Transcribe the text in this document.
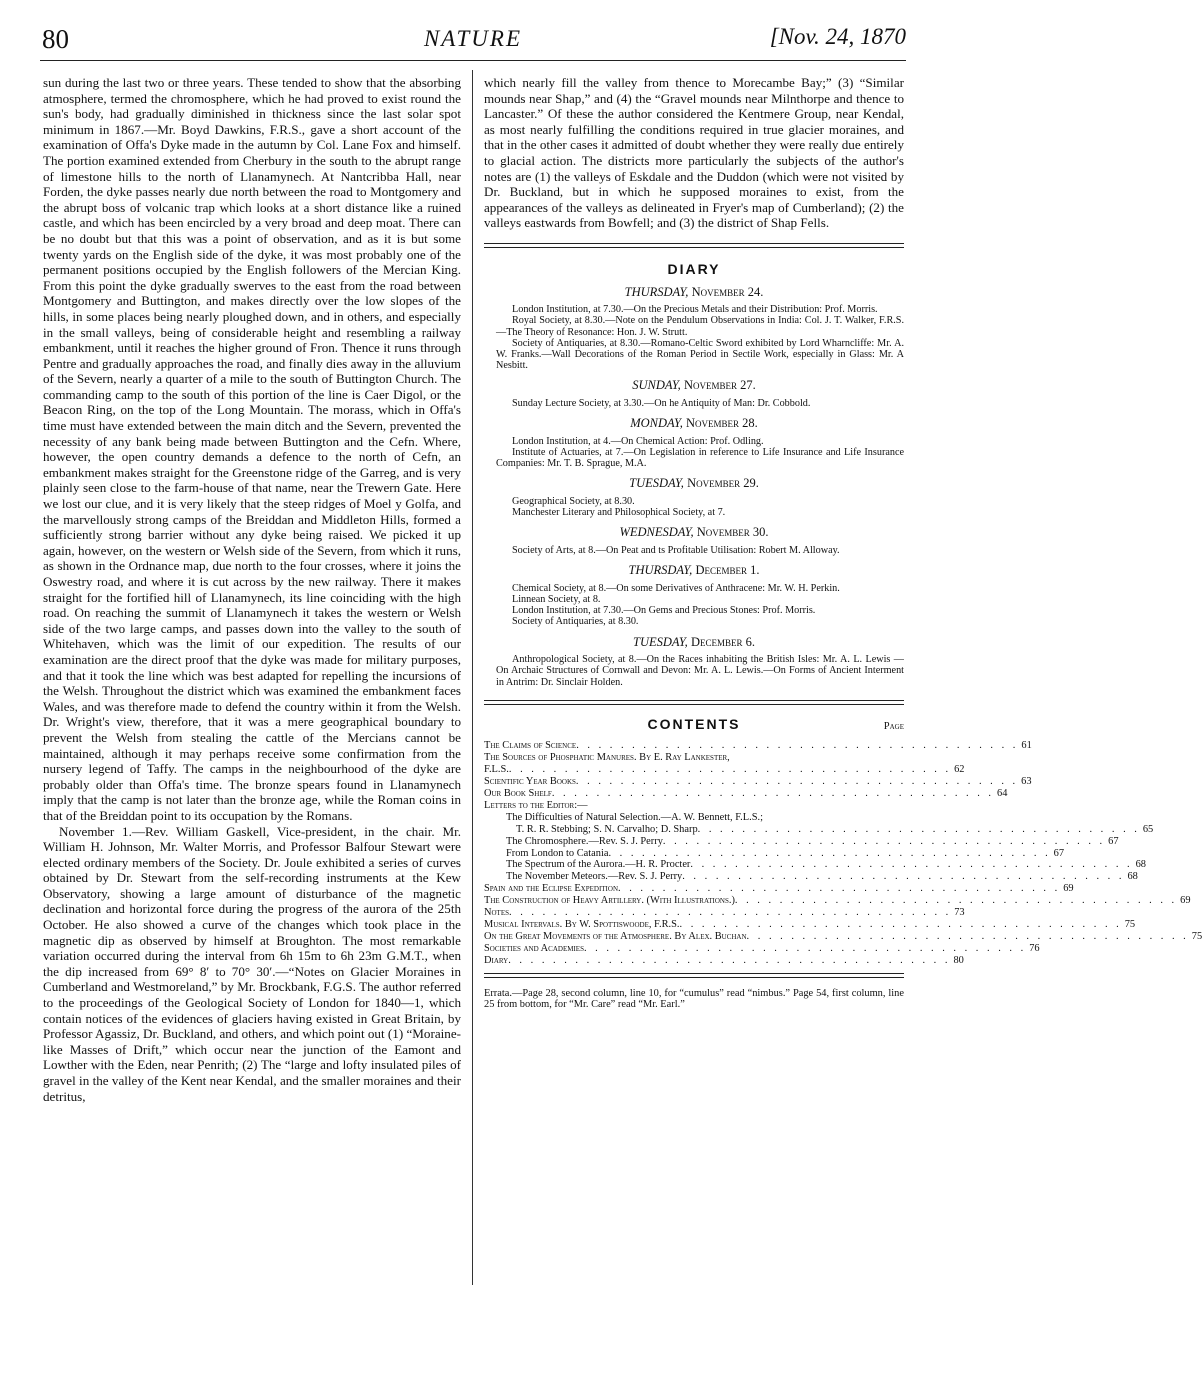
80	NATURE	[Nov. 24, 1870

sun during the last two or three years. These tended to show that the absorbing atmosphere, termed the chromosphere, which he had proved to exist round the sun's body, had gradually diminished in thickness since the last solar spot minimum in 1867.—Mr. Boyd Dawkins, F.R.S., gave a short account of the examination of Offa's Dyke made in the autumn by Col. Lane Fox and himself. The portion examined extended from Cherbury in the south to the abrupt range of limestone hills to the north of Llanamynech. At Nantcribba Hall, near Forden, the dyke passes nearly due north between the road to Montgomery and the abrupt boss of volcanic trap which looks at a short distance like a ruined castle, and which has been encircled by a very broad and deep moat. There can be no doubt but that this was a point of observation, and as it is but some twenty yards on the English side of the dyke, it was most probably one of the permanent positions occupied by the English followers of the Mercian King. From this point the dyke gradually swerves to the east from the road between Montgomery and Buttington, and makes directly over the low slopes of the hills, in some places being nearly ploughed down, and in others, and especially in the small valleys, being of considerable height and resembling a railway embankment, until it reaches the higher ground of Fron. Thence it runs through Pentre and gradually approaches the road, and finally dies away in the alluvium of the Severn, nearly a quarter of a mile to the south of Buttington Church. The commanding camp to the south of this portion of the line is Caer Digol, or the Beacon Ring, on the top of the Long Mountain. The morass, which in Offa's time must have extended between the main ditch and the Severn, prevented the necessity of any bank being made between Buttington and the Cefn. Where, however, the open country demands a defence to the north of Cefn, an embankment makes straight for the Greenstone ridge of the Garreg, and is very plainly seen close to the farm-house of that name, near the Trewern Gate. Here we lost our clue, and it is very likely that the steep ridges of Moel y Golfa, and the marvellously strong camps of the Breiddan and Middleton Hills, formed a sufficiently strong barrier without any dyke being raised. We picked it up again, however, on the western or Welsh side of the Severn, from which it runs, as shown in the Ordnance map, due north to the four crosses, where it joins the Oswestry road, and where it is cut across by the new railway. There it makes straight for the fortified hill of Llanamynech, its line coinciding with the high road. On reaching the summit of Llanamynech it takes the western or Welsh side of the two large camps, and passes down into the valley to the south of Whitehaven, which was the limit of our expedition. The results of our examination are the direct proof that the dyke was made for military purposes, and that it took the line which was best adapted for repelling the incursions of the Welsh. Throughout the district which was examined the embankment faces Wales, and was therefore made to defend the country within it from the Welsh. Dr. Wright's view, therefore, that it was a mere geographical boundary to prevent the Welsh from stealing the cattle of the Mercians cannot be maintained, although it may perhaps receive some confirmation from the nursery legend of Taffy. The camps in the neighbourhood of the dyke are probably older than Offa's time. The bronze spears found in Llanamynech imply that the camp is not later than the bronze age, while the Roman coins in that of the Breiddan point to its occupation by the Romans.

November 1.—Rev. William Gaskell, Vice-president, in the chair. Mr. William H. Johnson, Mr. Walter Morris, and Professor Balfour Stewart were elected ordinary members of the Society. Dr. Joule exhibited a series of curves obtained by Dr. Stewart from the self-recording instruments at the Kew Observatory, showing a large amount of disturbance of the magnetic declination and horizontal force during the progress of the aurora of the 25th October. He also showed a curve of the changes which took place in the magnetic dip as observed by himself at Broughton. The most remarkable variation occurred during the interval from 6h 15m to 6h 23m G.M.T., when the dip increased from 69° 8′ to 70° 30′.—“Notes on Glacier Moraines in Cumberland and Westmoreland,” by Mr. Brockbank, F.G.S. The author referred to the proceedings of the Geological Society of London for 1840—1, which contain notices of the evidences of glaciers having existed in Great Britain, by Professor Agassiz, Dr. Buckland, and others, and which point out (1) “Moraine-like Masses of Drift,” which occur near the junction of the Eamont and Lowther with the Eden, near Penrith; (2) The “large and lofty insulated piles of gravel in the valley of the Kent near Kendal, and the smaller moraines and their detritus,

which nearly fill the valley from thence to Morecambe Bay;” (3) “Similar mounds near Shap,” and (4) the “Gravel mounds near Milnthorpe and thence to Lancaster.” Of these the author considered the Kentmere Group, near Kendal, as most nearly fulfilling the conditions required in true glacier moraines, and that in the other cases it admitted of doubt whether they were really due entirely to glacial action. The districts more particularly the subjects of the author's notes are (1) the valleys of Eskdale and the Duddon (which were not visited by Dr. Buckland, but in which he supposed moraines to exist, from the appearances of the valleys as delineated in Fryer's map of Cumberland); (2) the valleys eastwards from Bowfell; and (3) the district of Shap Fells.

DIARY
THURSDAY, November 24.

London Institution, at 7.30.—On the Precious Metals and their Distribution: Prof. Morris.

Royal Society, at 8.30.—Note on the Pendulum Observations in India: Col. J. T. Walker, F.R.S.—The Theory of Resonance: Hon. J. W. Strutt.

Society of Antiquaries, at 8.30.—Romano-Celtic Sword exhibited by Lord Wharncliffe: Mr. A. W. Franks.—Wall Decorations of the Roman Period in Sectile Work, especially in Glass: Mr. A Nesbitt.

SUNDAY, November 27.

Sunday Lecture Society, at 3.30.—On he Antiquity of Man: Dr. Cobbold.

MONDAY, November 28.

London Institution, at 4.—On Chemical Action: Prof. Odling.

Institute of Actuaries, at 7.—On Legislation in reference to Life Insurance and Life Insurance Companies: Mr. T. B. Sprague, M.A.

TUESDAY, November 29.

Geographical Society, at 8.30.

Manchester Literary and Philosophical Society, at 7.

WEDNESDAY, November 30.

Society of Arts, at 8.—On Peat and ts Profitable Utilisation: Robert M. Alloway.

THURSDAY, December 1.

Chemical Society, at 8.—On some Derivatives of Anthracene: Mr. W. H. Perkin.

Linnean Society, at 8.

London Institution, at 7.30.—On Gems and Precious Stones: Prof. Morris.

Society of Antiquaries, at 8.30.

TUESDAY, December 6.

Anthropological Society, at 8.—On the Races inhabiting the British Isles: Mr. A. L. Lewis —On Archaic Structures of Cornwall and Devon: Mr. A. L. Lewis.—On Forms of Ancient Interment in Antrim: Dr. Sinclair Holden.

CONTENTS	Page
The Claims of Science . . . . . . . . . . . . . . . . . . . . . . . . . . . . . . . . . . . . . . . . 61
The Sources of Phosphatic Manures. By E. Ray Lankester,
F.L.S. . . . . . . . . . . . . . . . . . . . . . . . . . . . . . . . . . . . . . . . . 62
Scientific Year Books . . . . . . . . . . . . . . . . . . . . . . . . . . . . . . . . . . . . . . . . 63
Our Book Shelf . . . . . . . . . . . . . . . . . . . . . . . . . . . . . . . . . . . . . . . . 64
Letters to the Editor:—
The Difficulties of Natural Selection.—A. W. Bennett, F.L.S.;
T. R. R. Stebbing; S. N. Carvalho; D. Sharp . . . . . . . . . . . . . . . . . . . . . . . . . . . . . . . . . . . . . . . . 65
The Chromosphere.—Rev. S. J. Perry . . . . . . . . . . . . . . . . . . . . . . . . . . . . . . . . . . . . . . . . 67
From London to Catania . . . . . . . . . . . . . . . . . . . . . . . . . . . . . . . . . . . . . . . . 67
The Spectrum of the Aurora.—H. R. Procter . . . . . . . . . . . . . . . . . . . . . . . . . . . . . . . . . . . . . . . . 68
The November Meteors.—Rev. S. J. Perry . . . . . . . . . . . . . . . . . . . . . . . . . . . . . . . . . . . . . . . . 68
Spain and the Eclipse Expedition . . . . . . . . . . . . . . . . . . . . . . . . . . . . . . . . . . . . . . . . 69
The Construction of Heavy Artillery. (With Illustrations.) . . . . . . . . . . . . . . . . . . . . . . . . . . . . . . . . . . . . . . . . 69
Notes . . . . . . . . . . . . . . . . . . . . . . . . . . . . . . . . . . . . . . . . 73
Musical Intervals. By W. Spottiswoode, F.R.S. . . . . . . . . . . . . . . . . . . . . . . . . . . . . . . . . . . . . . . . . 75
On the Great Movements of the Atmosphere. By Alex. Buchan . . . . . . . . . . . . . . . . . . . . . . . . . . . . . . . . . . . . . . . . 75
Societies and Academies . . . . . . . . . . . . . . . . . . . . . . . . . . . . . . . . . . . . . . . . 76
Diary . . . . . . . . . . . . . . . . . . . . . . . . . . . . . . . . . . . . . . . . 80
Errata.—Page 28, second column, line 10, for “cumulus” read “nimbus.” Page 54, first column, line 25 from bottom, for “Mr. Care” read “Mr. Earl.”
